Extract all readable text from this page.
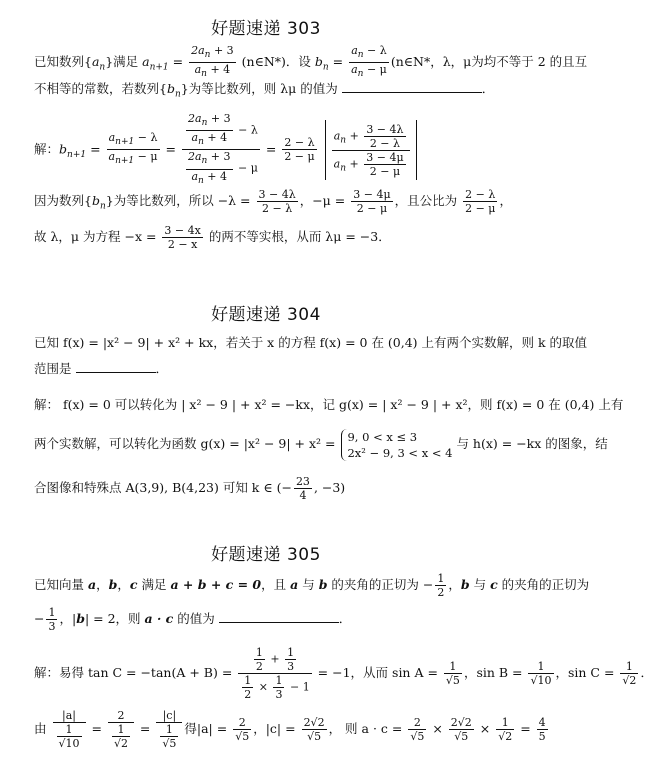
好题速递 303
已知数列$\{a_n\}$满足 $a_{n+1} = \frac{2a_n + 3}{a_n + 4}$ (n∈N*)．设 $b_n = \frac{a_n - \lambda}{a_n - \mu}$ (n∈N*，λ，μ为均不等于 2 的且互
不相等的常数，若数列$\{b_n\}$为等比数列，则 λμ 的值为	．
解：$b_{n+1} = \frac{a_{n+1} - \lambda}{a_{n+1} - \mu} = \frac{\frac{2a_n + 3}{a_n + 4} - \lambda}{\frac{2a_n + 3}{a_n + 4} - \mu} = \frac{2 - \lambda}{2 - \mu}$
$\frac{a_n + \frac{3 - 4\lambda}{2 - \lambda}}{a_n + \frac{3 - 4\mu}{2 - \mu}}$
因为数列$\{b_n\}$为等比数列，所以 $-\lambda = \frac{3 - 4\lambda}{2 - \lambda}$ ，$-\mu = \frac{3 - 4\mu}{2 - \mu}$ ，且公比为 $\frac{2 - \lambda}{2 - \mu}$ ，
故 λ，μ 为方程 $-x = \frac{3 - 4x}{2 - x}$ 的两不等实根，从而 λμ = −3．
好题速递 304
已知 f(x) = |x² − 9| + x² + kx，若关于 x 的方程 f(x) = 0 在 (0,4) 上有两个实数解，则 k 的取值
范围是	．
解： f(x) = 0 可以转化为 | x² − 9 | + x² = −kx，记 g(x) = | x² − 9 | + x²，则 f(x) = 0 在 (0,4) 上有
两个实数解，可以转化为函数 g(x) = |x² − 9| + x² = 9, 0 < x ≤ 3
2x² − 9, 3 < x < 4
与 h(x) = −kx 的图象，结
合图像和特殊点 A(3,9), B(4,23) 可知 k ∈ (− $\frac{23}{4}$ , −3)
好题速递 305
已知向量 a，b，c 满足 a + b + c = 0，且 a 与 b 的夹角的正切为 − $\frac{1}{2}$ ，b 与 c 的夹角的正切为
− $\frac{1}{3}$ ，|b| = 2，则 a · c 的值为	．
解：易得 $\tan C = -\tan(A + B) = \frac{\frac{1}{2} + \frac{1}{3}}{\frac{1}{2} \times \frac{1}{3} - 1} = -1$，从而 $\sin A = \frac{1}{√5}$ ，$\sin B = \frac{1}{√10}$ ，$\sin C = \frac{1}{√2}$ ．
由 $\frac{|a|}{\frac{1}{√10}} = \frac{2}{\frac{1}{√2}} = \frac{|c|}{\frac{1}{√5}}$ 得$|a| = \frac{2}{√5}$ ，$|c| = \frac{2√2}{√5}$ ， 则 $a \cdot c = \frac{2}{√5} \times \frac{2√2}{√5} \times \frac{1}{√2} = \frac{4}{5}$
